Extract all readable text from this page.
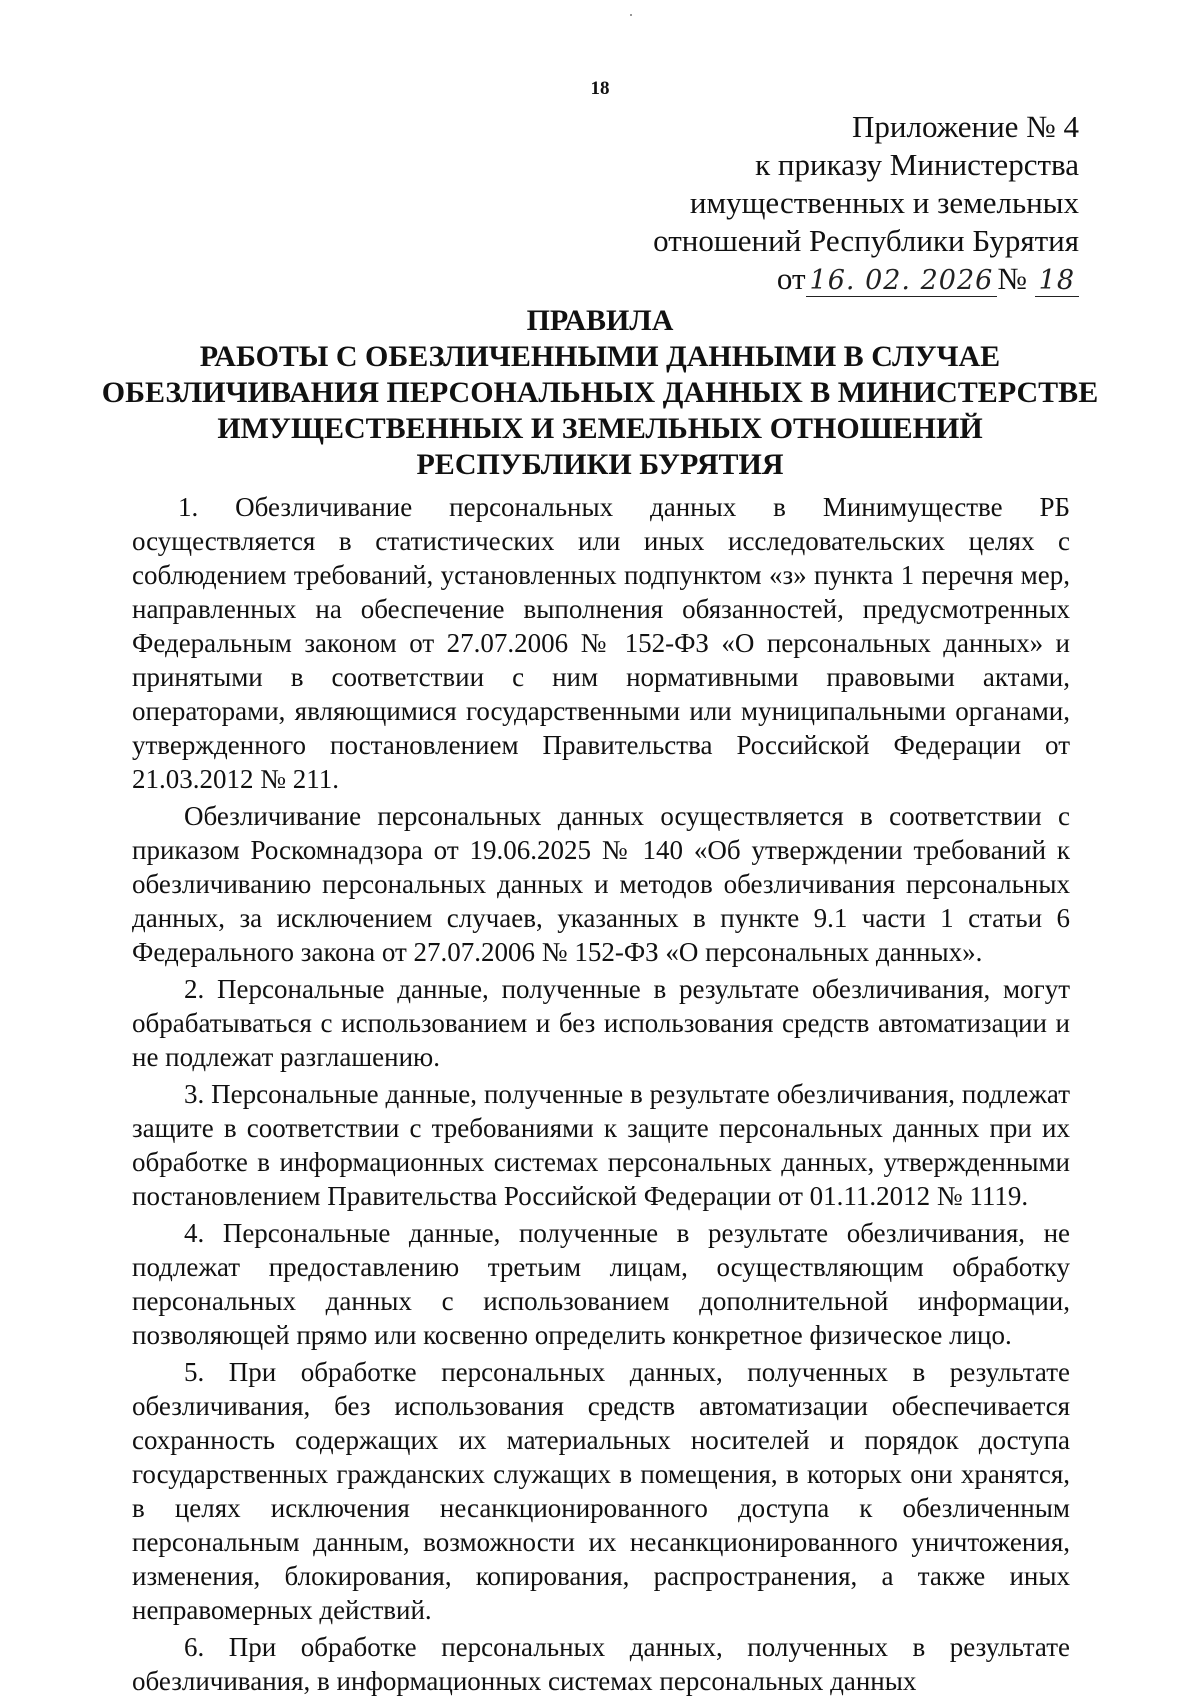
18
Приложение № 4
к приказу Министерства
имущественных и земельных
отношений Республики Бурятия
от 16. 02. 2026 № 18
ПРАВИЛА
РАБОТЫ С ОБЕЗЛИЧЕННЫМИ ДАННЫМИ В СЛУЧАЕ
ОБЕЗЛИЧИВАНИЯ ПЕРСОНАЛЬНЫХ ДАННЫХ В МИНИСТЕРСТВЕ
ИМУЩЕСТВЕННЫХ И ЗЕМЕЛЬНЫХ ОТНОШЕНИЙ
РЕСПУБЛИКИ БУРЯТИЯ

1. Обезличивание персональных данных в Минимуществе РБ осуществляется в статистических или иных исследовательских целях с соблюдением требований, установленных подпунктом «з» пункта 1 перечня мер, направленных на обеспечение выполнения обязанностей, предусмотренных Федеральным законом от 27.07.2006 № 152-ФЗ «О персональных данных» и принятыми в соответствии с ним нормативными правовыми актами, операторами, являющимися государственными или муниципальными органами, утвержденного постановлением Правительства Российской Федерации от 21.03.2012 № 211.

Обезличивание персональных данных осуществляется в соответствии с приказом Роскомнадзора от 19.06.2025 № 140 «Об утверждении требований к обезличиванию персональных данных и методов обезличивания персональных данных, за исключением случаев, указанных в пункте 9.1 части 1 статьи 6 Федерального закона от 27.07.2006 № 152-ФЗ «О персональных данных».

2. Персональные данные, полученные в результате обезличивания, могут обрабатываться с использованием и без использования средств автоматизации и не подлежат разглашению.

3. Персональные данные, полученные в результате обезличивания, подлежат защите в соответствии с требованиями к защите персональных данных при их обработке в информационных системах персональных данных, утвержденными постановлением Правительства Российской Федерации от 01.11.2012 № 1119.

4. Персональные данные, полученные в результате обезличивания, не подлежат предоставлению третьим лицам, осуществляющим обработку персональных данных с использованием дополнительной информации, позволяющей прямо или косвенно определить конкретное физическое лицо.

5. При обработке персональных данных, полученных в результате обезличивания, без использования средств автоматизации обеспечивается сохранность содержащих их материальных носителей и порядок доступа государственных гражданских служащих в помещения, в которых они хранятся, в целях исключения несанкционированного доступа к обезличенным персональным данным, возможности их несанкционированного уничтожения, изменения, блокирования, копирования, распространения, а также иных неправомерных действий.

6. При обработке персональных данных, полученных в результате обезличивания, в информационных системах персональных данных
